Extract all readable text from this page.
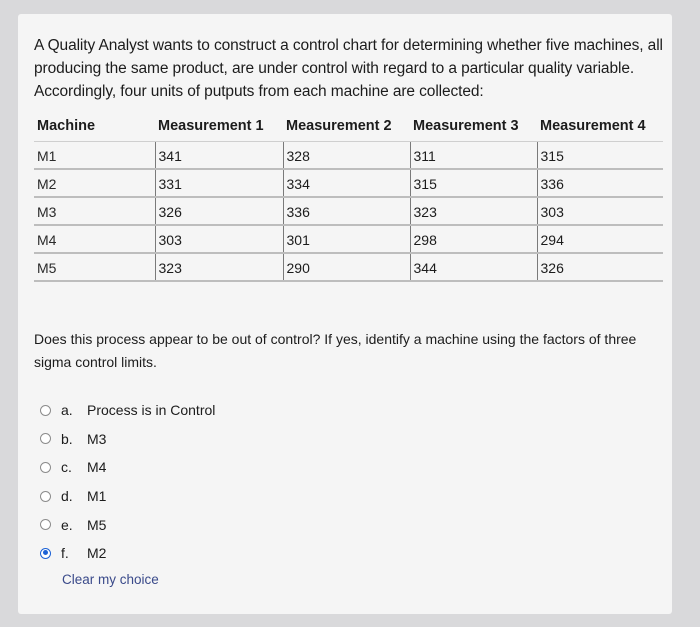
A Quality Analyst wants to construct a control chart for determining whether five machines, all producing the same product, are under control with regard to a particular quality variable. Accordingly, four units of putputs from each machine are collected:
Machine	Measurement 1	Measurement 2	Measurement 3	Measurement 4
M1	341	328	311	315
M2	331	334	315	336
M3	326	336	323	303
M4	303	301	298	294
M5	323	290	344	326
Does this process appear to be out of control? If yes, identify a machine using the factors of three sigma control limits.
a.	Process is in Control
b.	M3
c.	M4
d.	M1
e.	M5
f.	M2
Clear my choice
